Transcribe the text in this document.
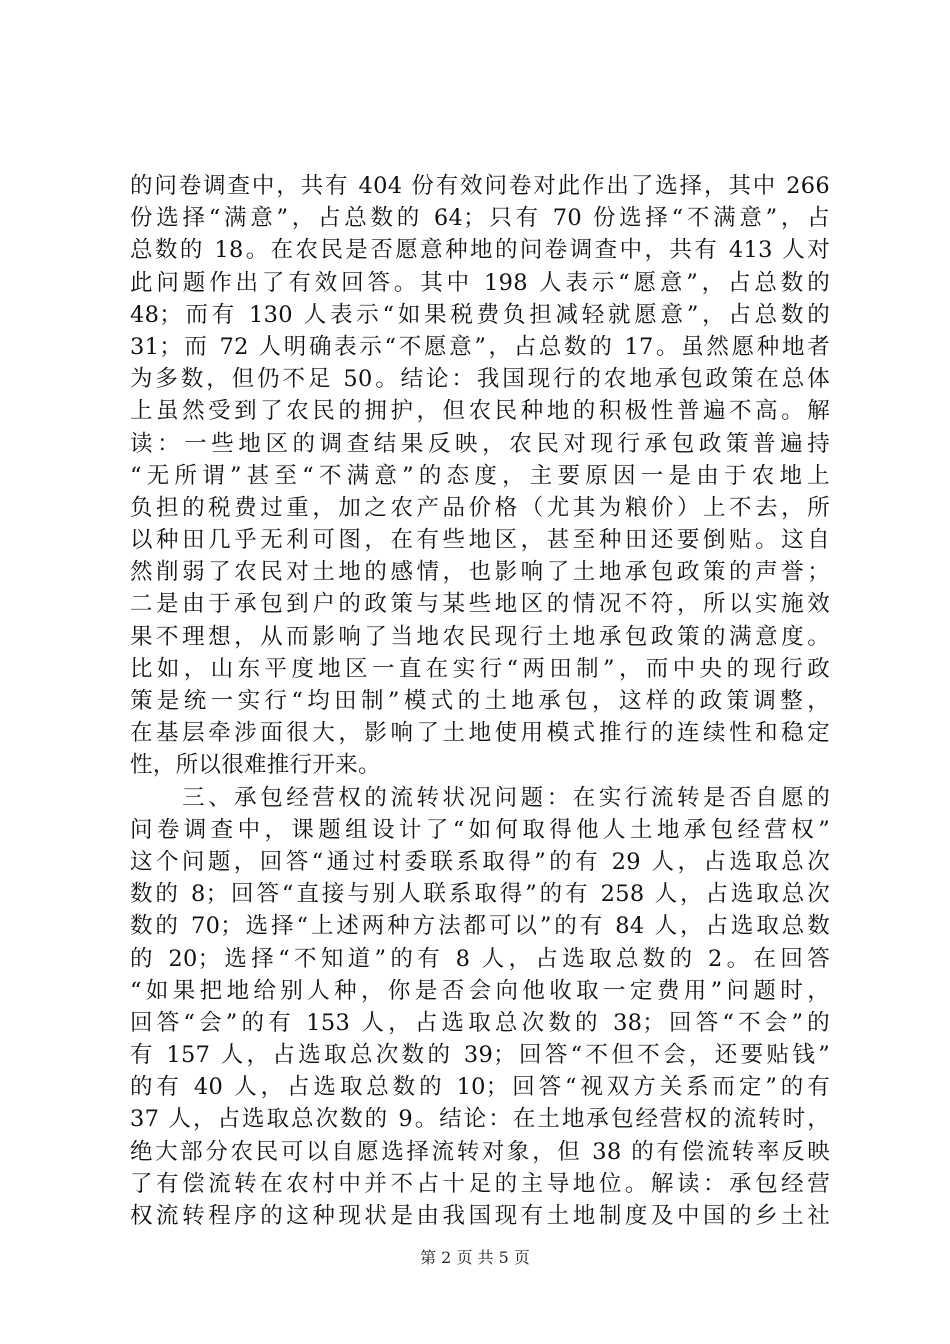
的问卷调查中，共有 404 份有效问卷对此作出了选择，其中 266
份选择“满意”，占总数的 64；只有 70 份选择“不满意”，占
总数的 18。在农民是否愿意种地的问卷调查中，共有 413 人对
此问题作出了有效回答。其中 198 人表示“愿意”，占总数的
48；而有 130 人表示“如果税费负担减轻就愿意”，占总数的
31；而 72 人明确表示“不愿意”，占总数的 17。虽然愿种地者
为多数，但仍不足 50。结论：我国现行的农地承包政策在总体
上虽然受到了农民的拥护，但农民种地的积极性普遍不高。解
读：一些地区的调查结果反映，农民对现行承包政策普遍持
“无所谓”甚至“不满意”的态度，主要原因一是由于农地上
负担的税费过重，加之农产品价格（尤其为粮价）上不去，所
以种田几乎无利可图，在有些地区，甚至种田还要倒贴。这自
然削弱了农民对土地的感情，也影响了土地承包政策的声誉；
二是由于承包到户的政策与某些地区的情况不符，所以实施效
果不理想，从而影响了当地农民现行土地承包政策的满意度。
比如，山东平度地区一直在实行“两田制”，而中央的现行政
策是统一实行“均田制”模式的土地承包，这样的政策调整，
在基层牵涉面很大，影响了土地使用模式推行的连续性和稳定
性，所以很难推行开来。
　　三、承包经营权的流转状况问题：在实行流转是否自愿的
问卷调查中，课题组设计了“如何取得他人土地承包经营权”
这个问题，回答“通过村委联系取得”的有 29 人，占选取总次
数的 8；回答“直接与别人联系取得”的有 258 人，占选取总次
数的 70；选择“上述两种方法都可以”的有 84 人，占选取总数
的 20；选择“不知道”的有 8 人，占选取总数的 2。在回答
“如果把地给别人种，你是否会向他收取一定费用”问题时，
回答“会”的有 153 人，占选取总次数的 38；回答“不会”的
有 157 人，占选取总次数的 39；回答“不但不会，还要贴钱”
的有 40 人，占选取总数的 10；回答“视双方关系而定”的有
37 人，占选取总次数的 9。结论：在土地承包经营权的流转时，
绝大部分农民可以自愿选择流转对象，但 38 的有偿流转率反映
了有偿流转在农村中并不占十足的主导地位。解读：承包经营
权流转程序的这种现状是由我国现有土地制度及中国的乡土社
第 2 页 共 5 页
